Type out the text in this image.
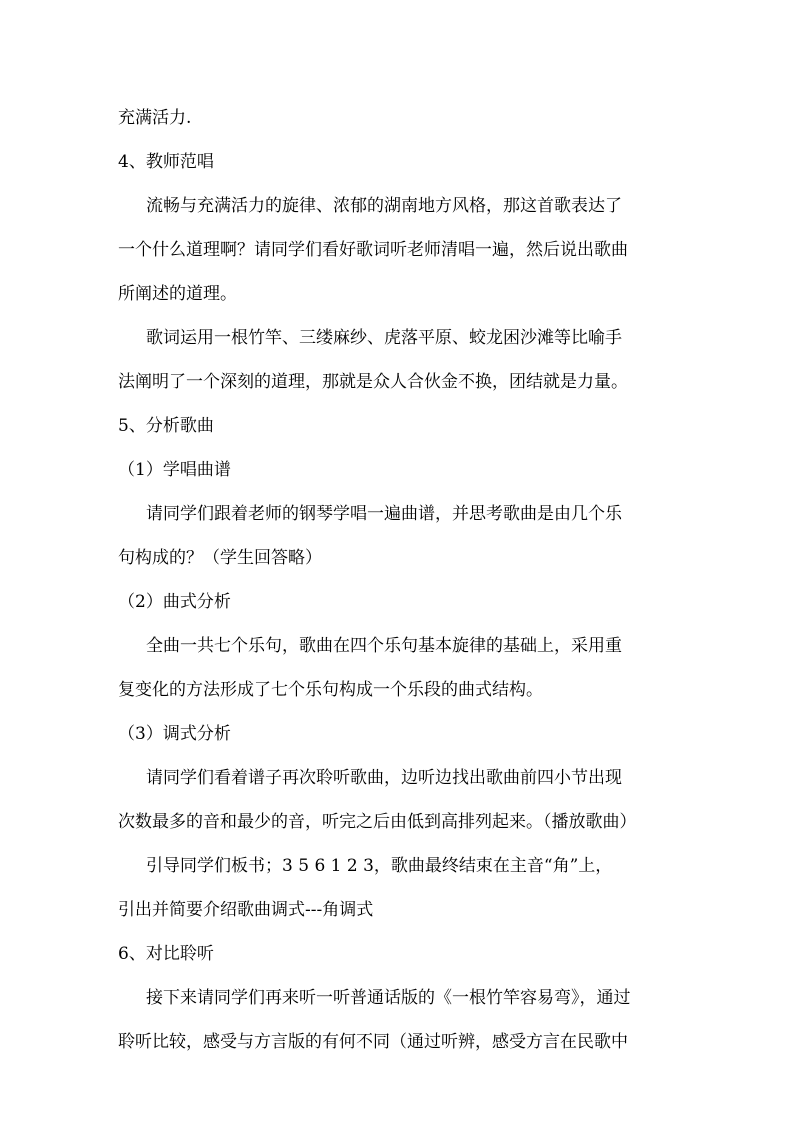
充满活力.
4、教师范唱
流畅与充满活力的旋律、浓郁的湖南地方风格，那这首歌表达了
一个什么道理啊？请同学们看好歌词听老师清唱一遍，然后说出歌曲
所阐述的道理。
歌词运用一根竹竿、三缕麻纱、虎落平原、蛟龙困沙滩等比喻手
法阐明了一个深刻的道理，那就是众人合伙金不换，团结就是力量。
5、分析歌曲
（1）学唱曲谱
请同学们跟着老师的钢琴学唱一遍曲谱，并思考歌曲是由几个乐
句构成的？（学生回答略）
（2）曲式分析
全曲一共七个乐句，歌曲在四个乐句基本旋律的基础上，采用重
复变化的方法形成了七个乐句构成一个乐段的曲式结构。
（3）调式分析
请同学们看着谱子再次聆听歌曲，边听边找出歌曲前四小节出现
次数最多的音和最少的音，听完之后由低到高排列起来。（播放歌曲）
引导同学们板书；3 5 6 1 2 3，歌曲最终结束在主音“角”上，
引出并简要介绍歌曲调式---角调式
6、对比聆听
接下来请同学们再来听一听普通话版的《一根竹竿容易弯》，通过
聆听比较，感受与方言版的有何不同（通过听辨，感受方言在民歌中
